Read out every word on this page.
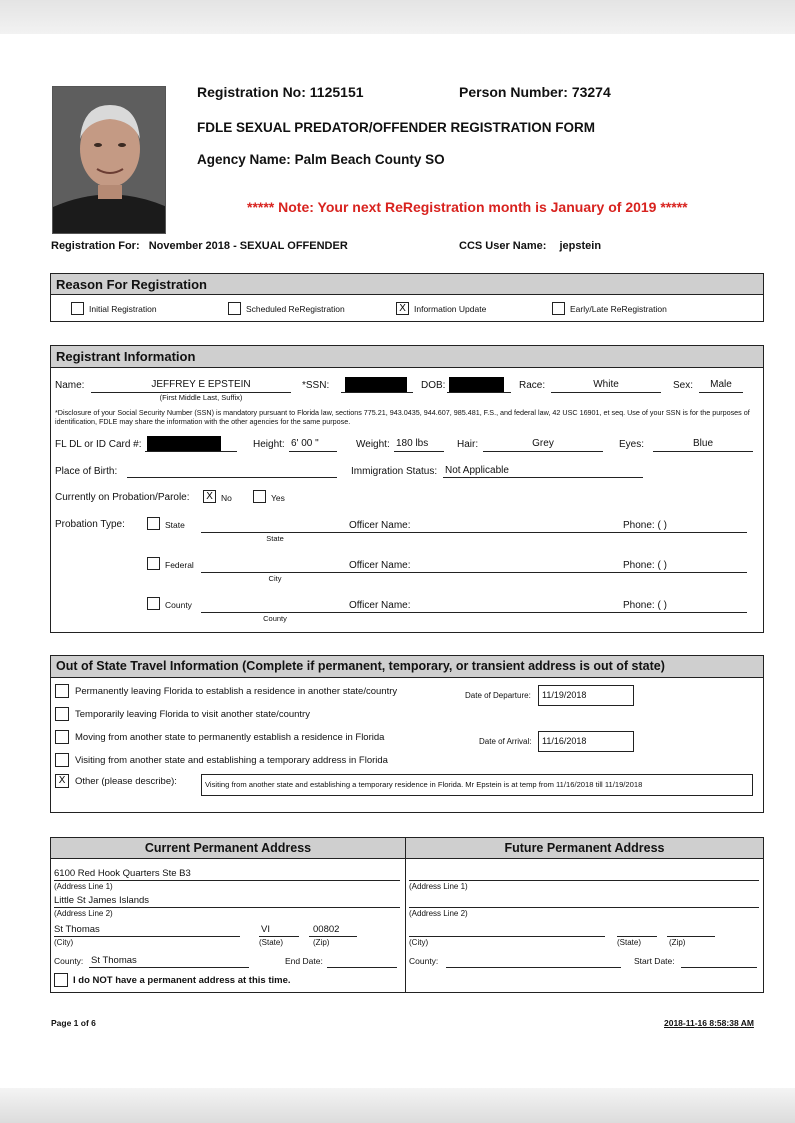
Registration No: 1125151	Person Number: 73274
FDLE SEXUAL PREDATOR/OFFENDER REGISTRATION FORM
Agency Name: Palm Beach County SO
***** Note: Your next ReRegistration month is January of 2019 *****
Registration For: November 2018 - SEXUAL OFFENDER	CCS User Name: jepstein
Reason For Registration
Initial Registration	Scheduled ReRegistration	X Information Update	Early/Late ReRegistration
Registrant Information
Name:	JEFFREY E EPSTEIN
(First Middle Last, Suffix)
*SSN:	DOB:	Race:	White	Sex:	Male
*Disclosure of your Social Security Number (SSN) is mandatory pursuant to Florida law, sections 775.21, 943.0435, 944.607, 985.481, F.S., and federal law, 42 USC 16901, et seq. Use of your SSN is for the purposes of identification, FDLE may share the information with the other agencies for the same purpose.
FL DL or ID Card #:	Height: 6' 00 "	Weight: 180 lbs	Hair:	Grey	Eyes:	Blue
Place of Birth:	Immigration Status: Not Applicable
Currently on Probation/Parole:	X No	Yes
Probation Type:	State
State
Officer Name:	Phone: ( )
Federal
City
Officer Name:	Phone: ( )
County
County
Officer Name:	Phone: ( )
Out of State Travel Information (Complete if permanent, temporary, or transient address is out of state)
Permanently leaving Florida to establish a residence in another state/country	Date of Departure:	11/19/2018
Temporarily leaving Florida to visit another state/country
Moving from another state to permanently establish a residence in Florida	Date of Arrival:	11/16/2018
Visiting from another state and establishing a temporary address in Florida
X	Other (please describe):	Visiting from another state and establishing a temporary residence in Florida. Mr Epstein is at temp from 11/16/2018 till 11/19/2018
Current Permanent Address	Future Permanent Address
6100 Red Hook Quarters Ste B3
(Address Line 1)
Little St James Islands
(Address Line 2)
St Thomas
(City)
VI
(State)
00802
(Zip)
County: St Thomas	End Date:
I do NOT have a permanent address at this time.
(Address Line 1)
(Address Line 2)
(City)	(State)	(Zip)
County:	Start Date:
Page 1 of 6	2018-11-16 8:58:38 AM
